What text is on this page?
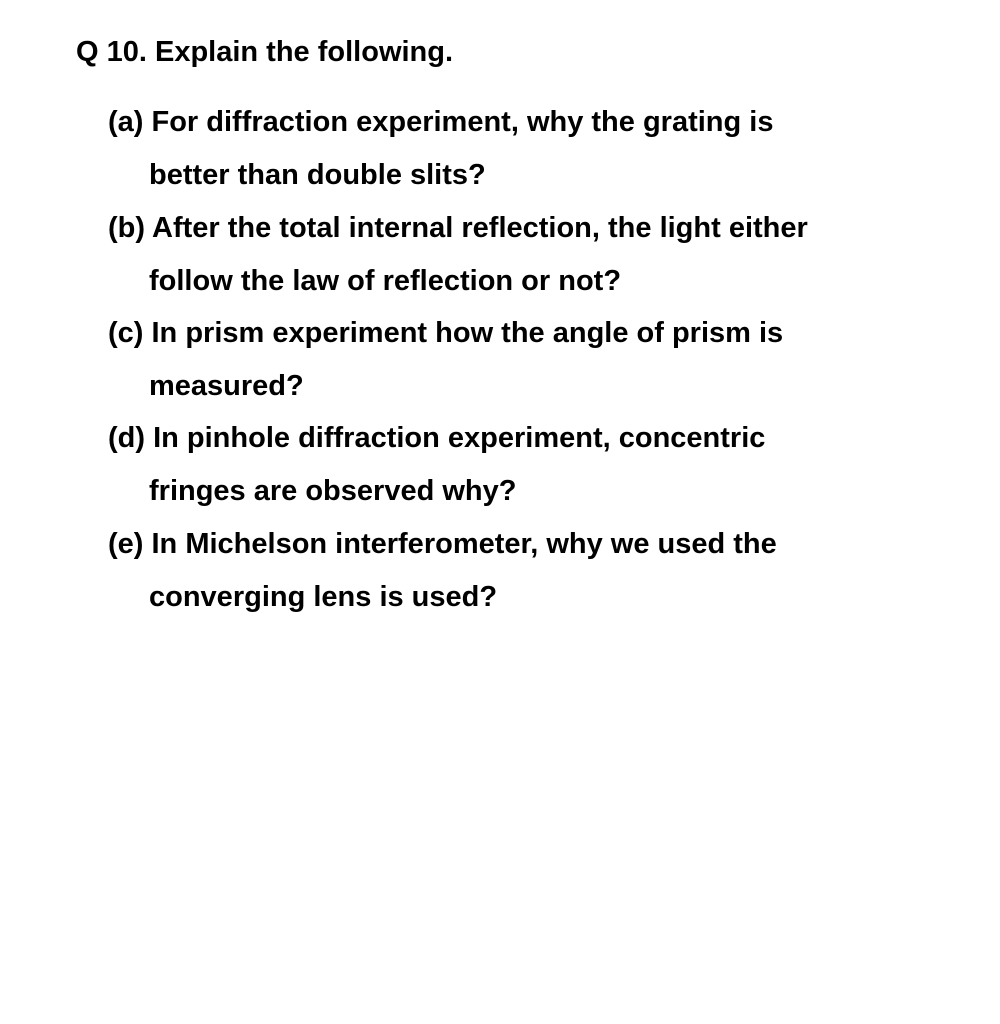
Q 10. Explain the following.

(a) For diffraction experiment, why the grating is
better than double slits?

(b) After the total internal reflection, the light either
follow the law of reflection or not?

(c) In prism experiment how the angle of prism is
measured?

(d) In pinhole diffraction experiment, concentric
fringes are observed why?

(e) In Michelson interferometer, why we used the
converging lens is used?
